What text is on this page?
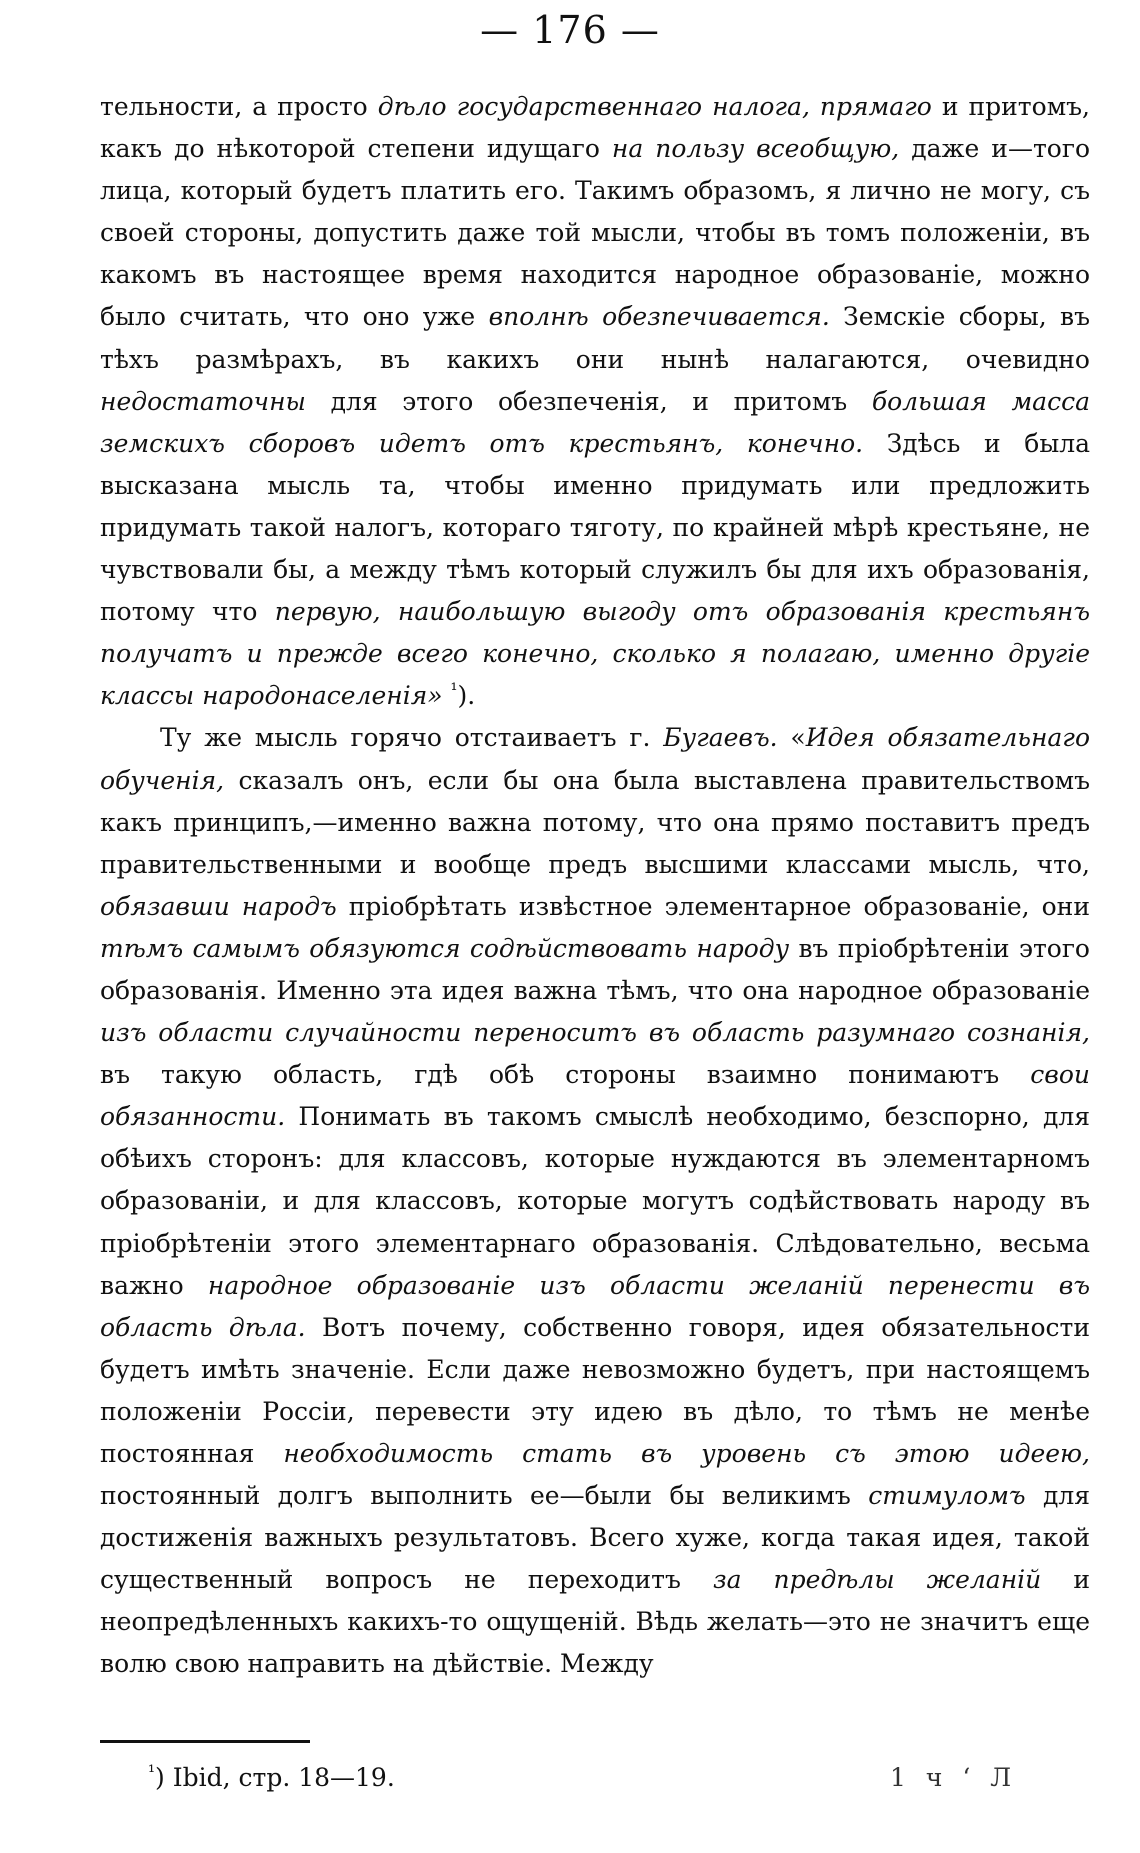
— 176 —

тельности, а просто дѣло государственнаго налога, прямаго и притомъ, какъ до нѣкоторой степени идущаго на пользу всеобщую, даже и—того лица, который будетъ платить его. Такимъ образомъ, я лично не могу, съ своей стороны, допустить даже той мысли, чтобы въ томъ положеніи, въ какомъ въ настоящее время находится народное образованіе, можно было считать, что оно уже вполнѣ обезпечивается. Земскіе сборы, въ тѣхъ размѣрахъ, въ какихъ они нынѣ налагаются, очевидно недостаточны для этого обезпеченія, и притомъ большая масса земскихъ сборовъ идетъ отъ крестьянъ, конечно. Здѣсь и была высказана мысль та, чтобы именно придумать или предложить придумать такой налогъ, котораго тяготу, по крайней мѣрѣ крестьяне, не чувствовали бы, а между тѣмъ который служилъ бы для ихъ образованія, потому что первую, наибольшую выгоду отъ образованія крестьянъ получатъ и прежде всего конечно, сколько я полагаю, именно другіе классы народонаселенія» $^{^1}$).

Ту же мысль горячо отстаиваетъ г. Бугаевъ. «Идея обязательнаго обученія, сказалъ онъ, если бы она была выставлена правительствомъ какъ принципъ,—именно важна потому, что она прямо поставитъ предъ правительственными и вообще предъ высшими классами мысль, что, обязавши народъ пріобрѣтать извѣстное элементарное образованіе, они тѣмъ самымъ обязуются содѣйствовать народу въ пріобрѣтеніи этого образованія. Именно эта идея важна тѣмъ, что она народное образованіе изъ области случайности переноситъ въ область разумнаго сознанія, въ такую область, гдѣ обѣ стороны взаимно понимаютъ свои обязанности. Понимать въ такомъ смыслѣ необходимо, безспорно, для обѣихъ сторонъ: для классовъ, которые нуждаются въ элементарномъ образованіи, и для классовъ, которые могутъ содѣйствовать народу въ пріобрѣтеніи этого элементарнаго образованія. Слѣдовательно, весьма важно народное образованіе изъ области желаній перенести въ область дѣла. Вотъ почему, собственно говоря, идея обязательности будетъ имѣть значеніе. Если даже невозможно будетъ, при настоящемъ положеніи Россіи, перевести эту идею въ дѣло, то тѣмъ не менѣе постоянная необходимость стать въ уровень съ этою идеею, постоянный долгъ выполнить ее—были бы великимъ стимуломъ для достиженія важныхъ результатовъ. Всего хуже, когда такая идея, такой существенный вопросъ не переходитъ за предѣлы желаній и неопредѣленныхъ какихъ-то ощущеній. Вѣдь желать—это не значитъ еще волю свою направить на дѣйствіе. Между

$^{^1}$) Ibid, стр. 18—19.	1 ч ‘ Л
